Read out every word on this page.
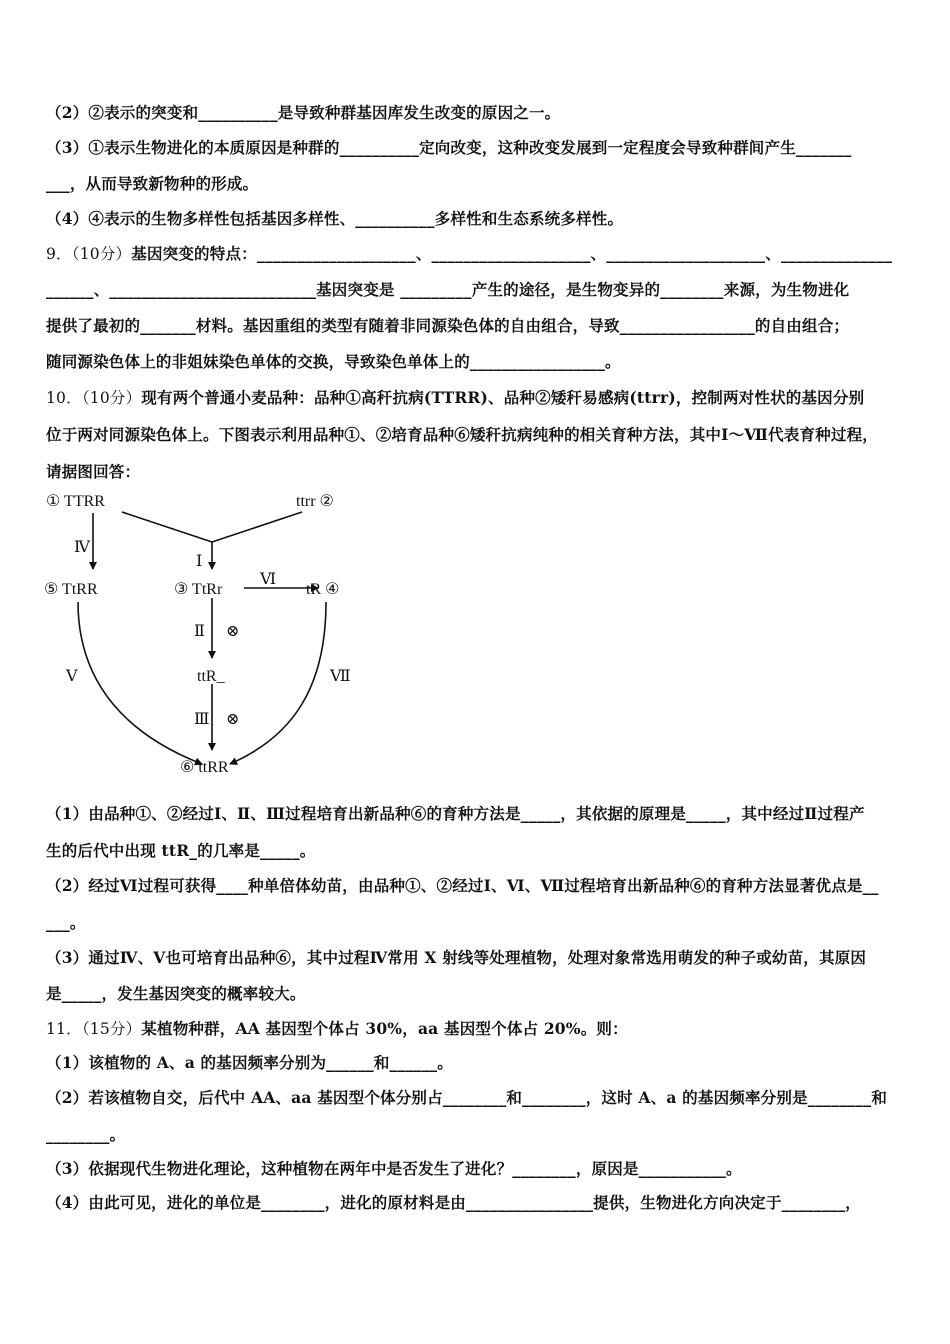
（2）②表示的突变和__________是导致种群基因库发生改变的原因之一。
（3）①表示生物进化的本质原因是种群的__________定向改变，这种改变发展到一定程度会导致种群间产生_______
___，从而导致新物种的形成。
（4）④表示的生物多样性包括基因多样性、__________多样性和生态系统多样性。
9．（10分）基因突变的特点：____________________、____________________、____________________、______________
______、__________________________基因突变是 _________产生的途径，是生物变异的________来源，为生物进化
提供了最初的_______材料。基因重组的类型有随着非同源染色体的自由组合，导致_________________的自由组合；
随同源染色体上的非姐妹染色单体的交换，导致染色单体上的_________________。
10．（10分）现有两个普通小麦品种：品种①高秆抗病(TTRR)、品种②矮秆易感病(ttrr)，控制两对性状的基因分别
位于两对同源染色体上。下图表示利用品种①、②培育品种⑥矮秆抗病纯种的相关育种方法，其中Ⅰ～Ⅶ代表育种过程，
请据图回答：
① TTRR	ttrr ②
⑤ TtRR	③ TtRr	tR ④
ttR_
⑥ ttRR
Ⅰ
Ⅳ
Ⅵ
Ⅱ
Ⅲ
Ⅴ	Ⅶ
⊗
⊗
（1）由品种①、②经过Ⅰ、Ⅱ、Ⅲ过程培育出新品种⑥的育种方法是_____，其依据的原理是_____，其中经过Ⅱ过程产
生的后代中出现 ttR_的几率是_____。
（2）经过Ⅵ过程可获得____种单倍体幼苗，由品种①、②经过Ⅰ、Ⅵ、Ⅶ过程培育出新品种⑥的育种方法显著优点是__
___。
（3）通过Ⅳ、Ⅴ也可培育出品种⑥，其中过程Ⅳ常用 X 射线等处理植物，处理对象常选用萌发的种子或幼苗，其原因
是_____，发生基因突变的概率较大。
11．（15分）某植物种群，AA 基因型个体占 30%，aa 基因型个体占 20%。则：
（1）该植物的 A、a 的基因频率分别为______和______。
（2）若该植物自交，后代中 AA、aa 基因型个体分别占________和________，这时 A、a 的基因频率分别是________和
________。
（3）依据现代生物进化理论，这种植物在两年中是否发生了进化？________，原因是___________。
（4）由此可见，进化的单位是________，进化的原材料是由________________提供，生物进化方向决定于________，
